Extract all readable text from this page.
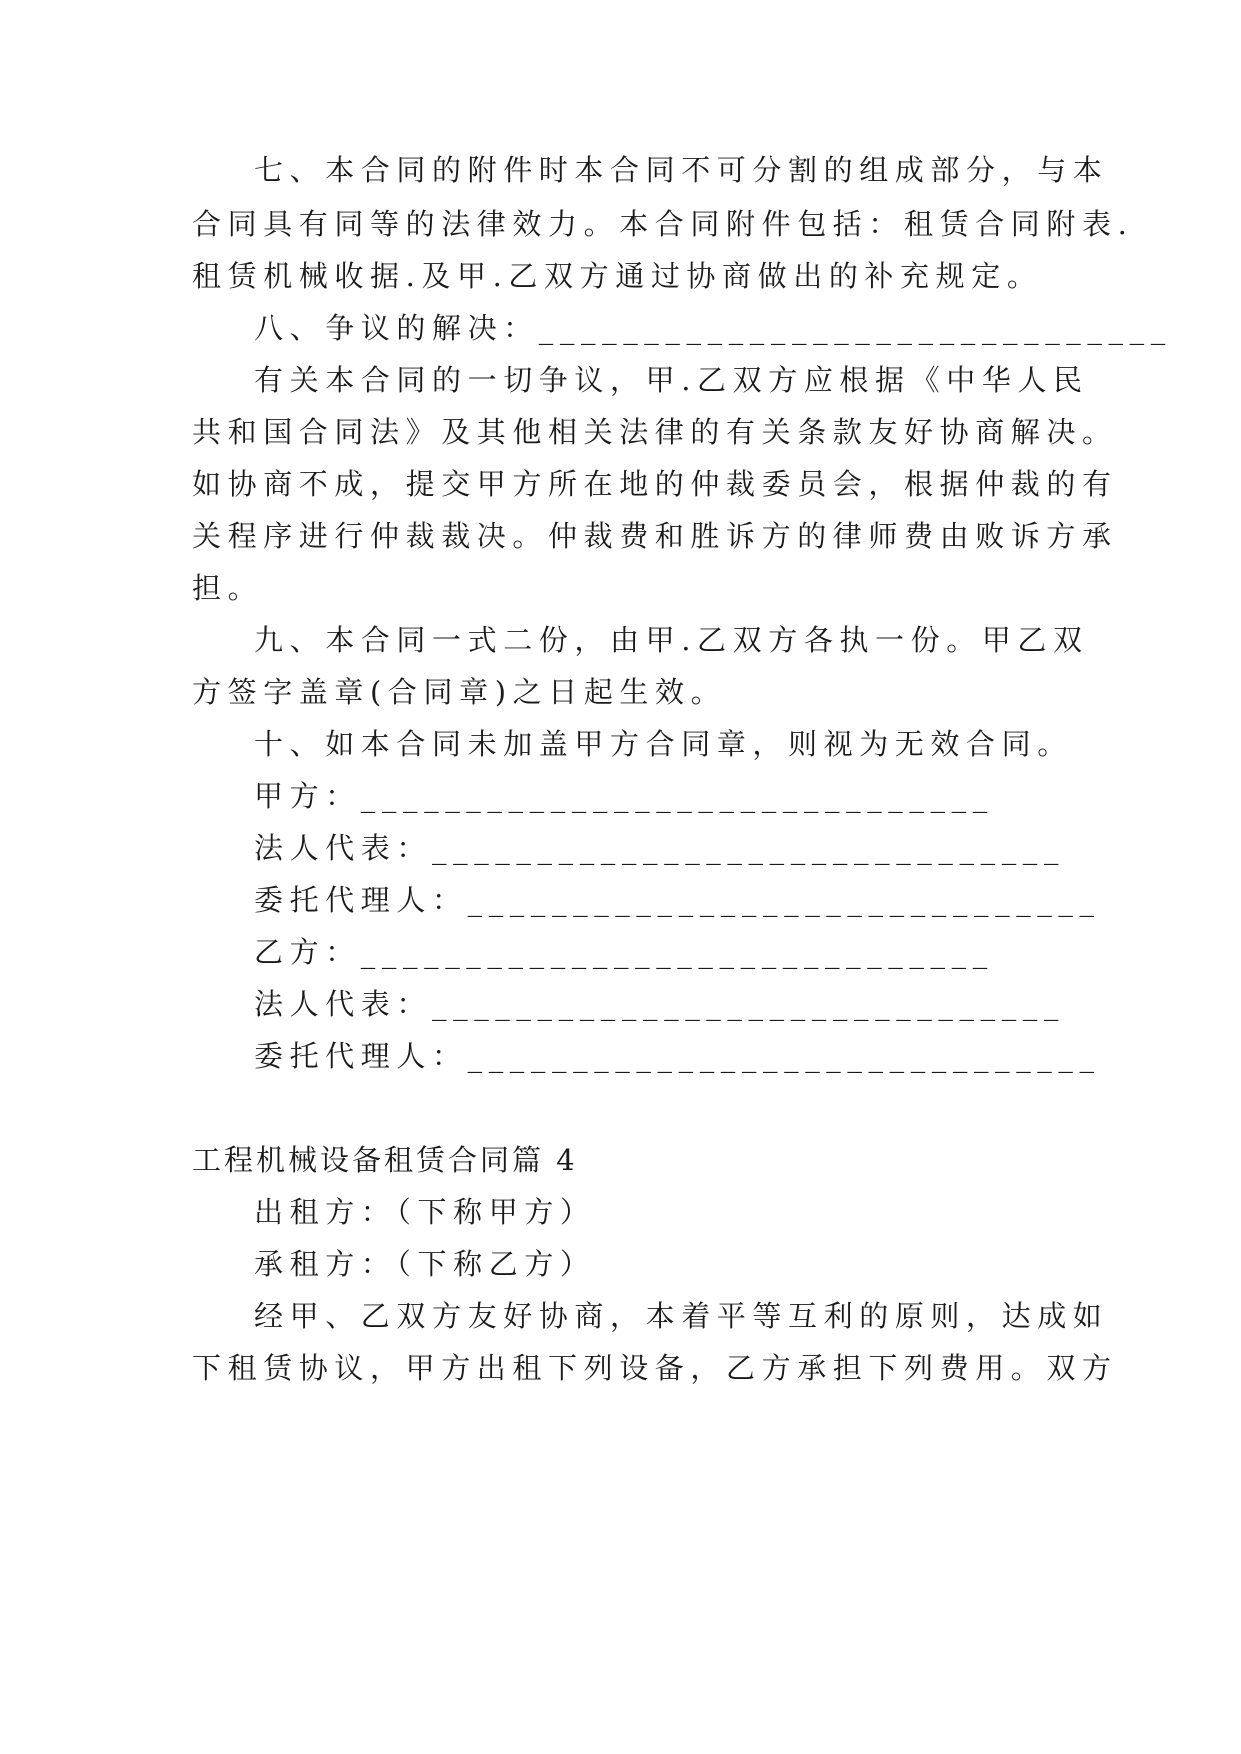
七、本合同的附件时本合同不可分割的组成部分，与本
合同具有同等的法律效力。本合同附件包括：租赁合同附表.
租赁机械收据.及甲.乙双方通过协商做出的补充规定。
八、争议的解决：______________________________
有关本合同的一切争议，甲.乙双方应根据《中华人民
共和国合同法》及其他相关法律的有关条款友好协商解决。
如协商不成，提交甲方所在地的仲裁委员会，根据仲裁的有
关程序进行仲裁裁决。仲裁费和胜诉方的律师费由败诉方承
担。
九、本合同一式二份，由甲.乙双方各执一份。甲乙双
方签字盖章(合同章)之日起生效。
十、如本合同未加盖甲方合同章，则视为无效合同。
甲方：______________________________
法人代表：______________________________
委托代理人：______________________________
乙方：______________________________
法人代表：______________________________
委托代理人：______________________________
工程机械设备租赁合同篇 4
出租方：（下称甲方）
承租方：（下称乙方）
经甲、乙双方友好协商，本着平等互利的原则，达成如
下租赁协议，甲方出租下列设备，乙方承担下列费用。双方
